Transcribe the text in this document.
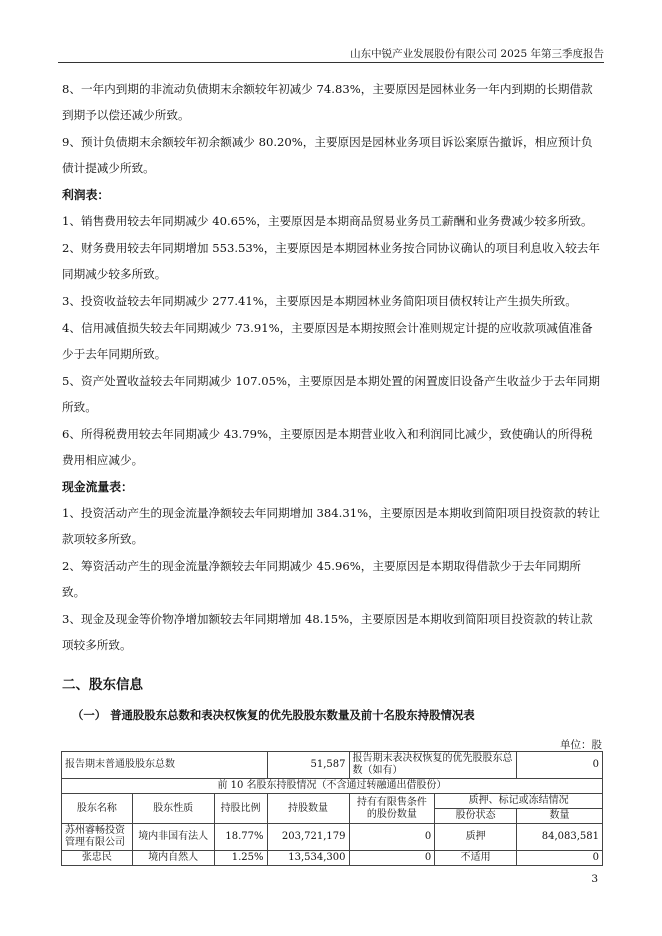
山东中锐产业发展股份有限公司 2025 年第三季度报告

8、一年内到期的非流动负债期末余额较年初减少 74.83%，主要原因是园林业务一年内到期的长期借款到期予以偿还减少所致。

9、预计负债期末余额较年初余额减少 80.20%，主要原因是园林业务项目诉讼案原告撤诉，相应预计负债计提减少所致。

利润表：

1、销售费用较去年同期减少 40.65%，主要原因是本期商品贸易业务员工薪酬和业务费减少较多所致。

2、财务费用较去年同期增加 553.53%，主要原因是本期园林业务按合同协议确认的项目利息收入较去年同期减少较多所致。

3、投资收益较去年同期减少 277.41%，主要原因是本期园林业务简阳项目债权转让产生损失所致。

4、信用减值损失较去年同期减少 73.91%，主要原因是本期按照会计准则规定计提的应收款项减值准备少于去年同期所致。

5、资产处置收益较去年同期减少 107.05%，主要原因是本期处置的闲置废旧设备产生收益少于去年同期所致。

6、所得税费用较去年同期减少 43.79%，主要原因是本期营业收入和利润同比减少，致使确认的所得税费用相应减少。

现金流量表：

1、投资活动产生的现金流量净额较去年同期增加 384.31%，主要原因是本期收到简阳项目投资款的转让款项较多所致。

2、筹资活动产生的现金流量净额较去年同期减少 45.96%，主要原因是本期取得借款少于去年同期所致。

3、现金及现金等价物净增加额较去年同期增加 48.15%，主要原因是本期收到简阳项目投资款的转让款项较多所致。

二、股东信息
（一） 普通股股东总数和表决权恢复的优先股股东数量及前十名股东持股情况表
单位：股
报告期末普通股股东总数			51,587	报告期末表决权恢复的优先股股东总数（如有）		0
前 10 名股东持股情况（不含通过转融通出借股份）						
股东名称	股东性质	持股比例	持股数量	持有有限售条件的股份数量	质押、标记或冻结情况	
					股份状态	数量
苏州睿畅投资管理有限公司	境内非国有法人	18.77%	203,721,179	0	质押	84,083,581
张忠民	境内自然人	1.25%	13,534,300	0	不适用	0
3
